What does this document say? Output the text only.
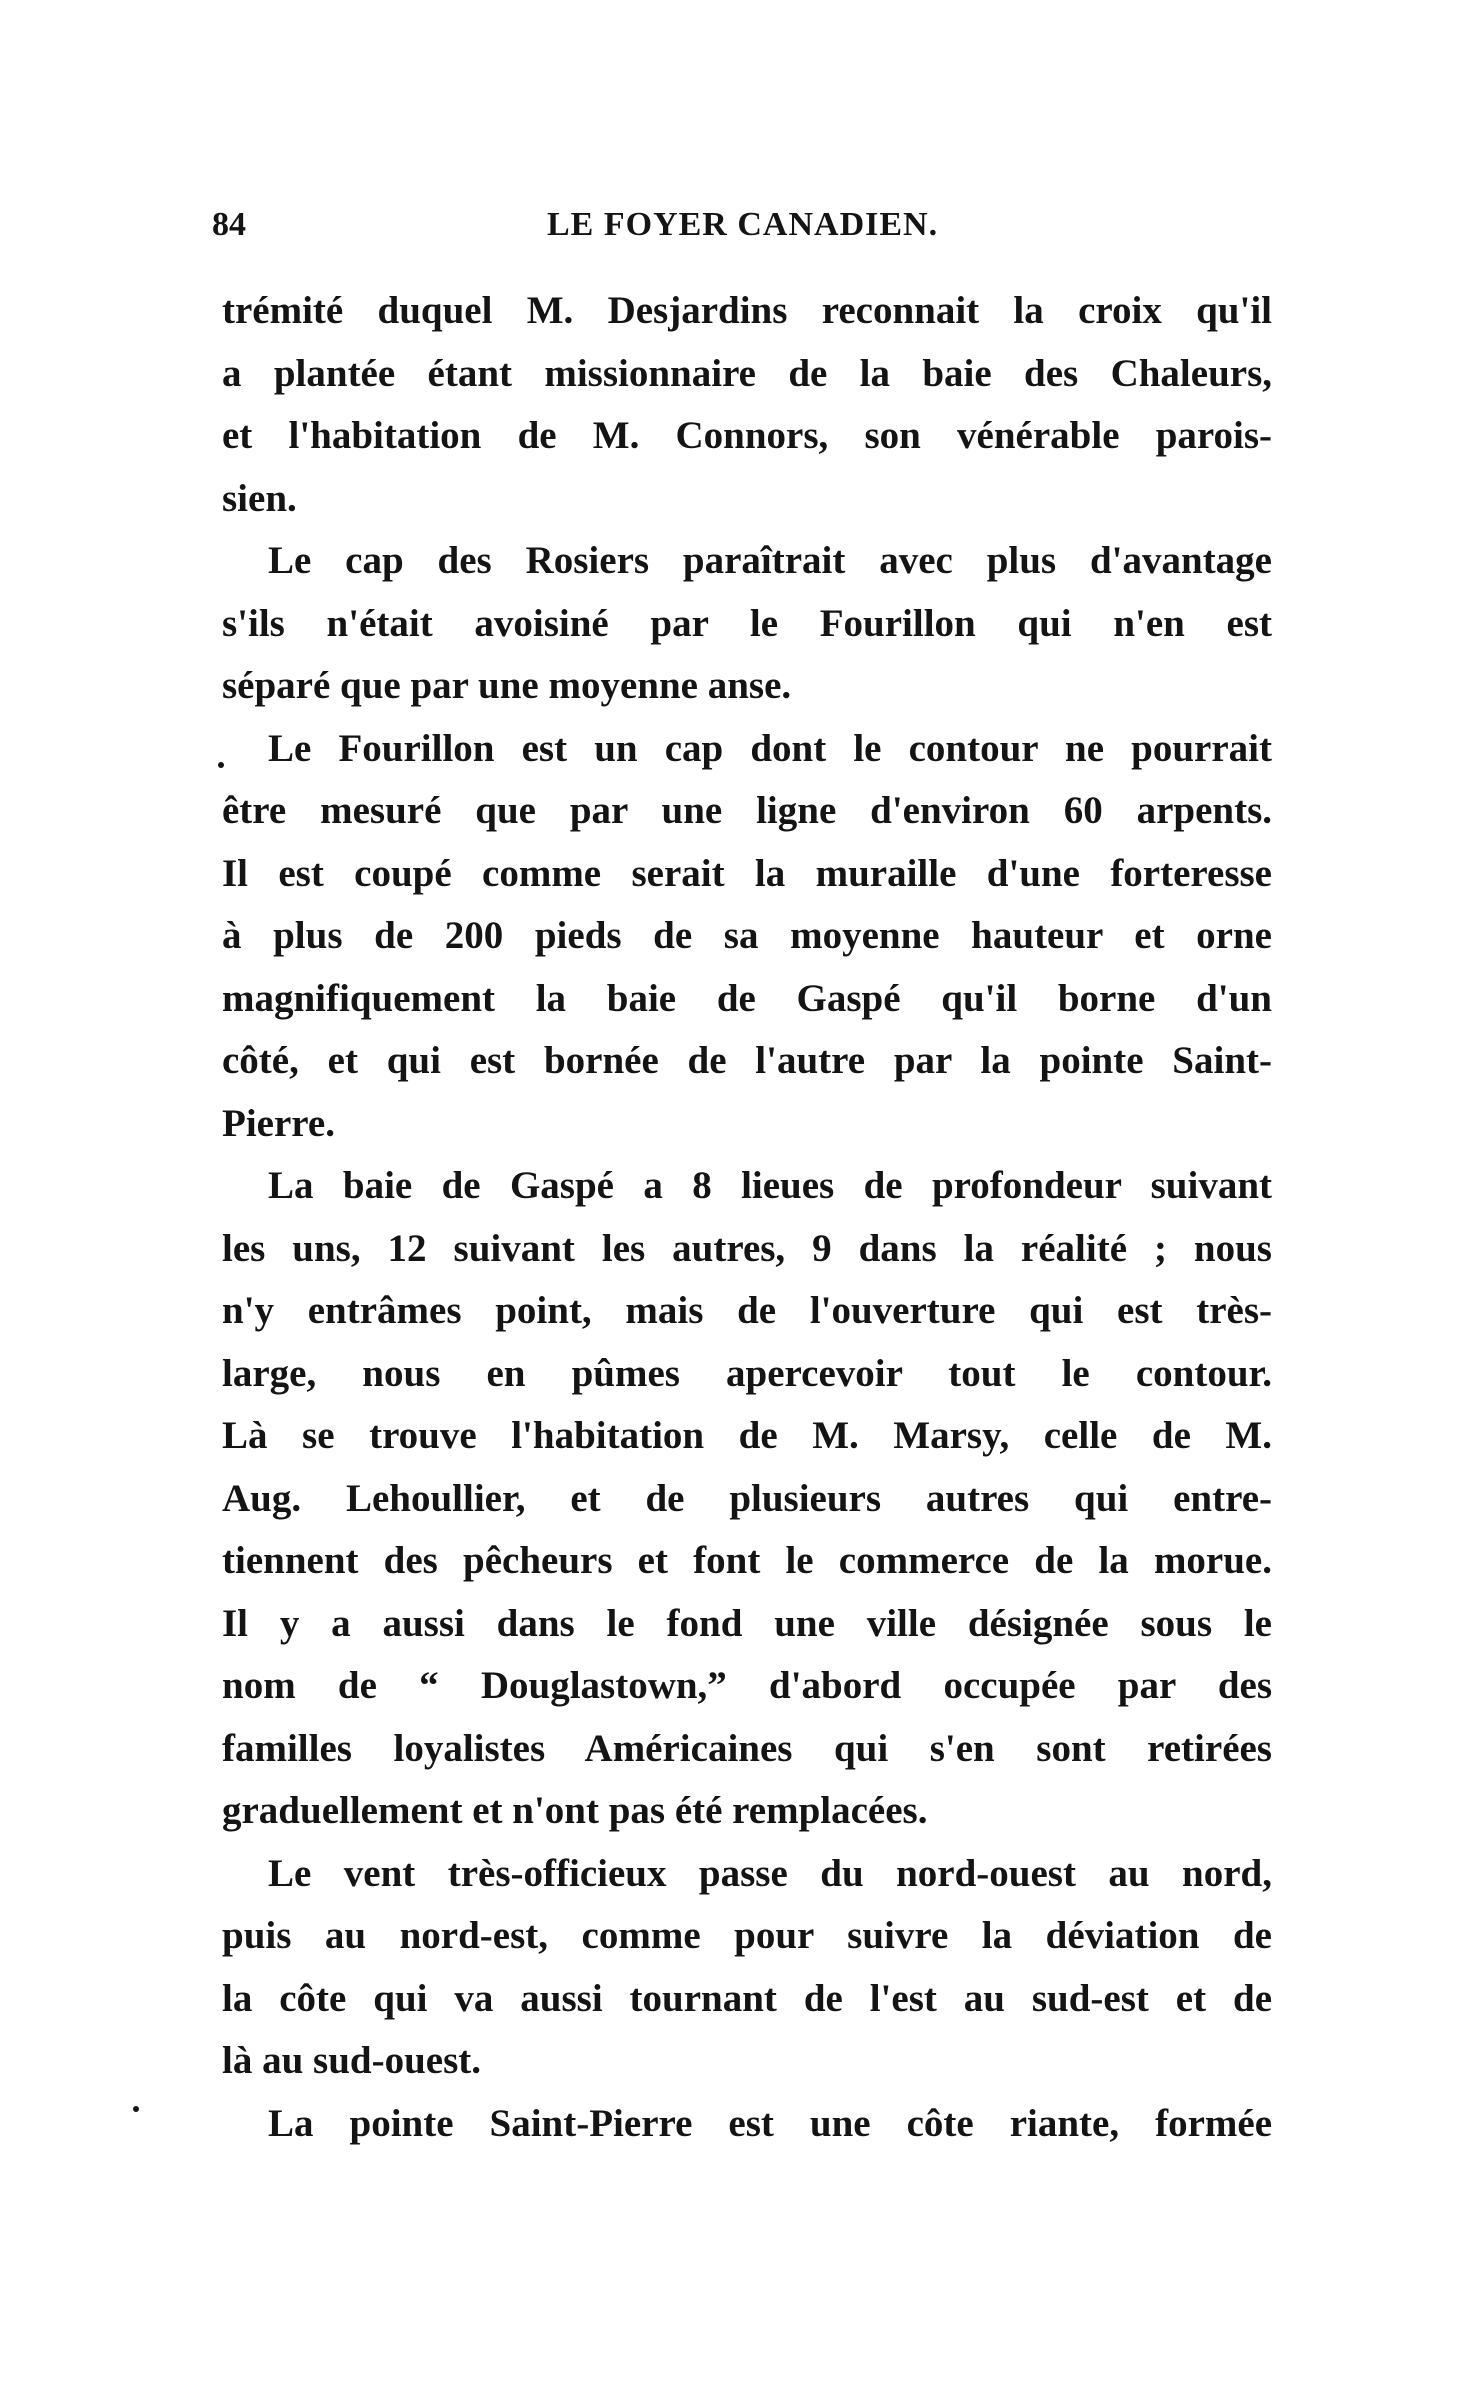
84	LE FOYER CANADIEN.
trémité duquel M. Desjardins reconnait la croix qu'il
a plantée étant missionnaire de la baie des Chaleurs,
et l'habitation de M. Connors, son vénérable parois-
sien.
Le cap des Rosiers paraîtrait avec plus d'avantage
s'ils n'était avoisiné par le Fourillon qui n'en est
séparé que par une moyenne anse.
Le Fourillon est un cap dont le contour ne pourrait
être mesuré que par une ligne d'environ 60 arpents.
Il est coupé comme serait la muraille d'une forteresse
à plus de 200 pieds de sa moyenne hauteur et orne
magnifiquement la baie de Gaspé qu'il borne d'un
côté, et qui est bornée de l'autre par la pointe Saint-
Pierre.
La baie de Gaspé a 8 lieues de profondeur suivant
les uns, 12 suivant les autres, 9 dans la réalité ; nous
n'y entrâmes point, mais de l'ouverture qui est très-
large, nous en pûmes apercevoir tout le contour.
Là se trouve l'habitation de M. Marsy, celle de M.
Aug. Lehoullier, et de plusieurs autres qui entre-
tiennent des pêcheurs et font le commerce de la morue.
Il y a aussi dans le fond une ville désignée sous le
nom de “ Douglastown,” d'abord occupée par des
familles loyalistes Américaines qui s'en sont retirées
graduellement et n'ont pas été remplacées.
Le vent très-officieux passe du nord-ouest au nord,
puis au nord-est, comme pour suivre la déviation de
la côte qui va aussi tournant de l'est au sud-est et de
là au sud-ouest.
La pointe Saint-Pierre est une côte riante, formée
